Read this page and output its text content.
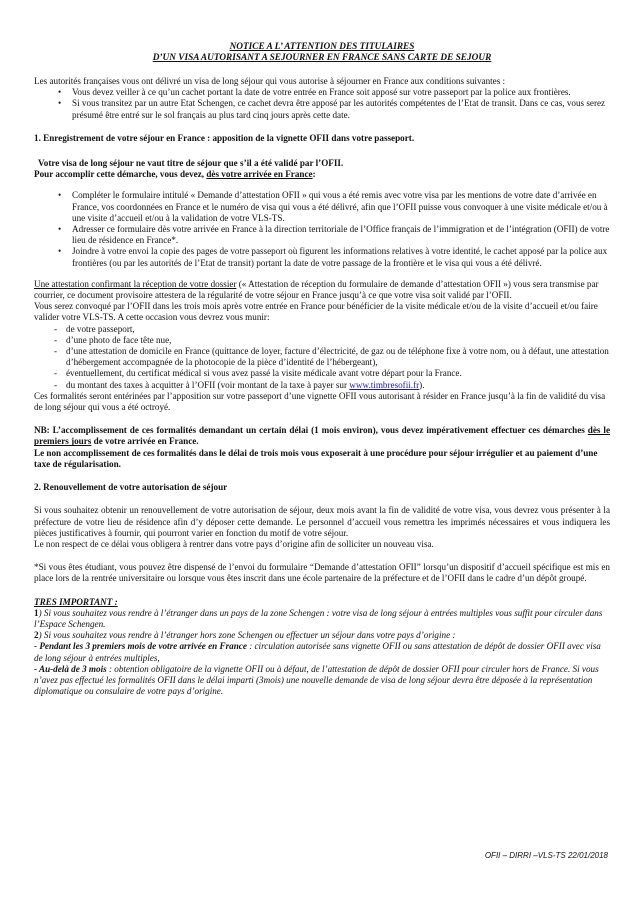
NOTICE A L’ ATTENTION DES TITULAIRES

D’UN VISA AUTORISANT A SEJOURNER EN FRANCE SANS CARTE DE SEJOUR

Les autorités françaises vous ont délivré un visa de long séjour qui vous autorise à séjourner en France aux conditions suivantes :

• Vous devez veiller à ce qu’un cachet portant la date de votre entrée en France soit apposé sur votre passeport par la police aux frontières.
• Si vous transitez par un autre Etat Schengen, ce cachet devra être apposé par les autorités compétentes de l’Etat de transit. Dans ce cas, vous serez présumé être entré sur le sol français au plus tard cinq jours après cette date.

1. Enregistrement de votre séjour en France : apposition de la vignette OFII dans votre passeport.

Votre visa de long séjour ne vaut titre de séjour que s’il a été validé par l’OFII.

Pour accomplir cette démarche, vous devez, dès votre arrivée en France:

• Compléter le formulaire intitulé « Demande d’attestation OFII » qui vous a été remis avec votre visa par les mentions de votre date d’arrivée en France, vos coordonnées en France et le numéro de visa qui vous a été délivré, afin que l’OFII puisse vous convoquer à une visite médicale et/ou à une visite d’accueil et/ou à la validation de votre VLS-TS.
• Adresser ce formulaire dès votre arrivée en France à la direction territoriale de l’Office français de l’immigration et de l’intégration (OFII) de votre lieu de résidence en France*.
• Joindre à votre envoi la copie des pages de votre passeport où figurent les informations relatives à votre identité, le cachet apposé par la police aux frontières (ou par les autorités de l’Etat de transit) portant la date de votre passage de la frontière et le visa qui vous a été délivré.

Une attestation confirmant la réception de votre dossier (« Attestation de réception du formulaire de demande d’attestation OFII ») vous sera transmise par courrier, ce document provisoire attestera de la régularité de votre séjour en France jusqu’à ce que votre visa soit validé par l’OFII.

Vous serez convoqué par l’OFII dans les trois mois après votre entrée en France pour bénéficier de la visite médicale et/ou de la visite d’accueil et/ou faire valider votre VLS-TS. A cette occasion vous devrez vous munir:

- de votre passeport,
- d’une photo de face tête nue,
- d’une attestation de domicile en France (quittance de loyer, facture d’électricité, de gaz ou de téléphone fixe à votre nom, ou à défaut, une attestation d’hébergement accompagnée de la photocopie de la pièce d’identité de l’hébergeant),
- éventuellement, du certificat médical si vous avez passé la visite médicale avant votre départ pour la France.
- du montant des taxes à acquitter à l’OFII (voir montant de la taxe à payer sur www.timbresofii.fr).

Ces formalités seront entérinées par l’apposition sur votre passeport d’une vignette OFII vous autorisant à résider en France jusqu’à la fin de validité du visa de long séjour qui vous a été octroyé.

NB: L’accomplissement de ces formalités demandant un certain délai (1 mois environ), vous devez impérativement effectuer ces démarches dès le premiers jours de votre arrivée en France.

Le non accomplissement de ces formalités dans le délai de trois mois vous exposerait à une procédure pour séjour irrégulier et au paiement d’une taxe de régularisation.

2. Renouvellement de votre autorisation de séjour

Si vous souhaitez obtenir un renouvellement de votre autorisation de séjour, deux mois avant la fin de validité de votre visa, vous devrez vous présenter à la préfecture de votre lieu de résidence afin d’y déposer cette demande. Le personnel d’accueil vous remettra les imprimés nécessaires et vous indiquera les pièces justificatives à fournir, qui pourront varier en fonction du motif de votre séjour.

Le non respect de ce délai vous obligera à rentrer dans votre pays d’origine afin de solliciter un nouveau visa.

*Si vous êtes étudiant, vous pouvez être dispensé de l’envoi du formulaire “Demande d’attestation OFII” lorsqu’un dispositif d’accueil spécifique est mis en place lors de la rentrée universitaire ou lorsque vous êtes inscrit dans une école partenaire de la préfecture et de l’OFII dans le cadre d’un dépôt groupé.

TRES IMPORTANT :

1) Si vous souhaitez vous rendre à l’étranger dans un pays de la zone Schengen : votre visa de long séjour à entrées multiples vous suffit pour circuler dans l’Espace Schengen.

2) Si vous souhaitez vous rendre à l’étranger hors zone Schengen ou effectuer un séjour dans votre pays d’origine :

- Pendant les 3 premiers mois de votre arrivée en France : circulation autorisée sans vignette OFII ou sans attestation de dépôt de dossier OFII avec visa de long séjour à entrées multiples,

- Au-delà de 3 mois : obtention obligatoire de la vignette OFII ou à défaut, de l’attestation de dépôt de dossier OFII pour circuler hors de France. Si vous n’avez pas effectué les formalités OFII dans le délai imparti (3mois) une nouvelle demande de visa de long séjour devra être déposée à la représentation diplomatique ou consulaire de votre pays d’origine.

OFII – DIRRI –VLS-TS 22/01/2018
